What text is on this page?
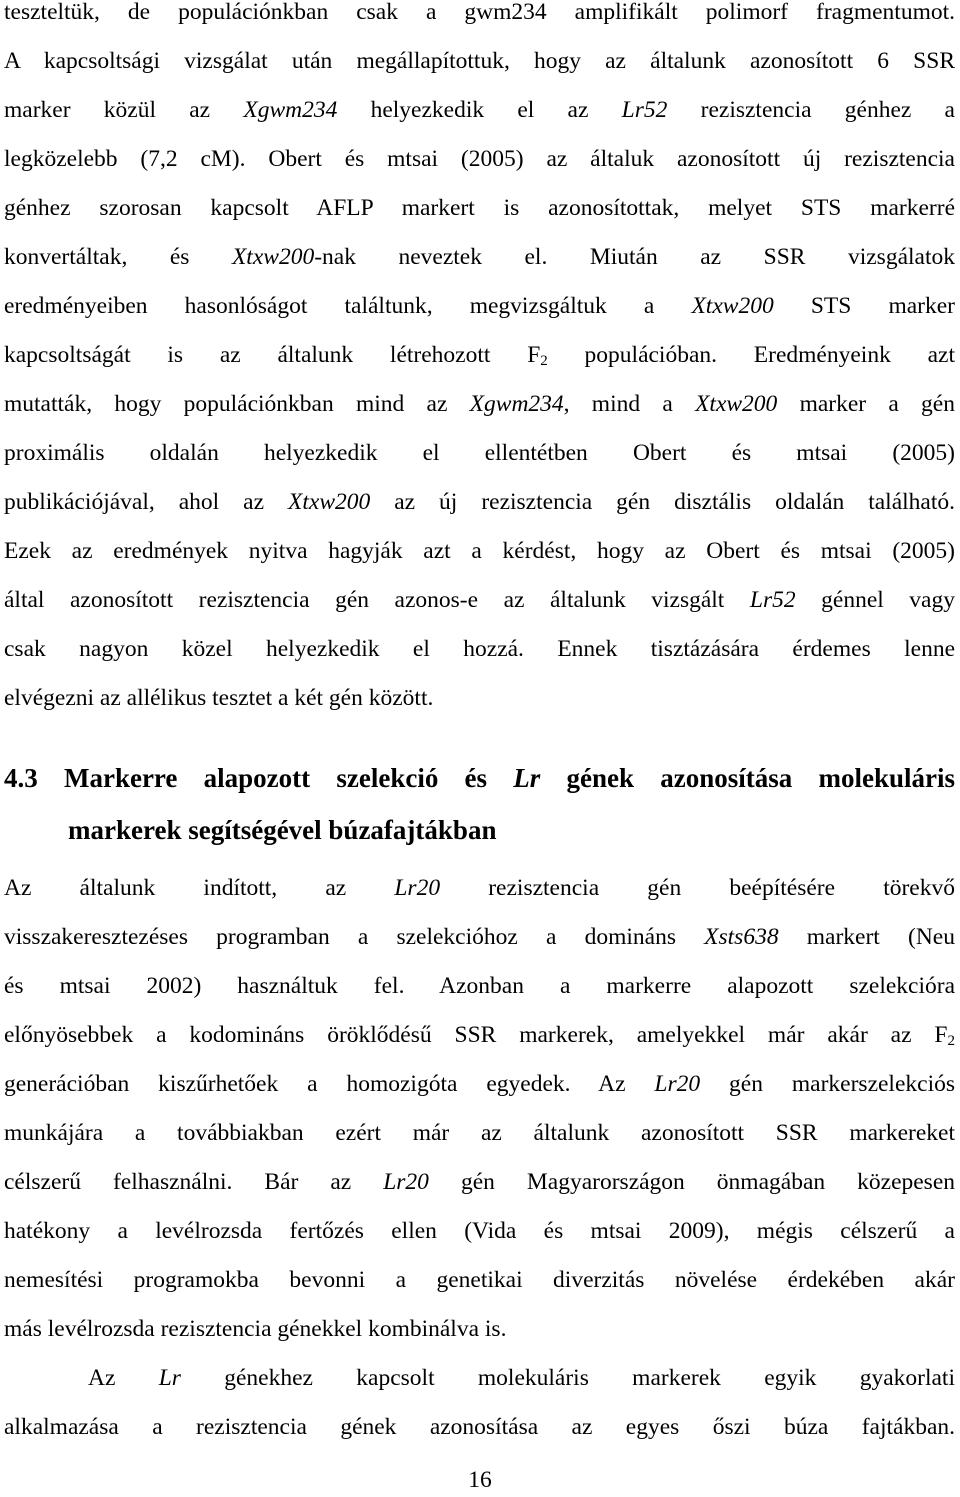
teszteltük, de populációnkban csak a gwm234 amplifikált polimorf fragmentumot.
A kapcsoltsági vizsgálat után megállapítottuk, hogy az általunk azonosított 6 SSR
marker közül az Xgwm234 helyezkedik el az Lr52 rezisztencia génhez a
legközelebb (7,2 cM). Obert és mtsai (2005) az általuk azonosított új rezisztencia
génhez szorosan kapcsolt AFLP markert is azonosítottak, melyet STS markerré
konvertáltak, és Xtxw200-nak neveztek el. Miután az SSR vizsgálatok
eredményeiben hasonlóságot találtunk, megvizsgáltuk a Xtxw200 STS marker
kapcsoltságát is az általunk létrehozott $F_2$ populációban. Eredményeink azt
mutatták, hogy populációnkban mind az Xgwm234, mind a Xtxw200 marker a gén
proximális oldalán helyezkedik el ellentétben Obert és mtsai (2005)
publikációjával, ahol az Xtxw200 az új rezisztencia gén disztális oldalán található.
Ezek az eredmények nyitva hagyják azt a kérdést, hogy az Obert és mtsai (2005)
által azonosított rezisztencia gén azonos-e az általunk vizsgált Lr52 génnel vagy
csak nagyon közel helyezkedik el hozzá. Ennek tisztázására érdemes lenne
elvégezni az allélikus tesztet a két gén között.
4.3 Markerre alapozott szelekció és Lr gének azonosítása molekuláris
markerek segítségével búzafajtákban
Az általunk indított, az Lr20 rezisztencia gén beépítésére törekvő
visszakeresztezéses programban a szelekcióhoz a domináns Xsts638 markert (Neu
és mtsai 2002) használtuk fel. Azonban a markerre alapozott szelekcióra
előnyösebbek a kodomináns öröklődésű SSR markerek, amelyekkel már akár az $F_2$
generációban kiszűrhetőek a homozigóta egyedek. Az Lr20 gén markerszelekciós
munkájára a továbbiakban ezért már az általunk azonosított SSR markereket
célszerű felhasználni. Bár az Lr20 gén Magyarországon önmagában közepesen
hatékony a levélrozsda fertőzés ellen (Vida és mtsai 2009), mégis célszerű a
nemesítési programokba bevonni a genetikai diverzitás növelése érdekében akár
más levélrozsda rezisztencia génekkel kombinálva is.
Az Lr génekhez kapcsolt molekuláris markerek egyik gyakorlati
alkalmazása a rezisztencia gének azonosítása az egyes őszi búza fajtákban.
16
